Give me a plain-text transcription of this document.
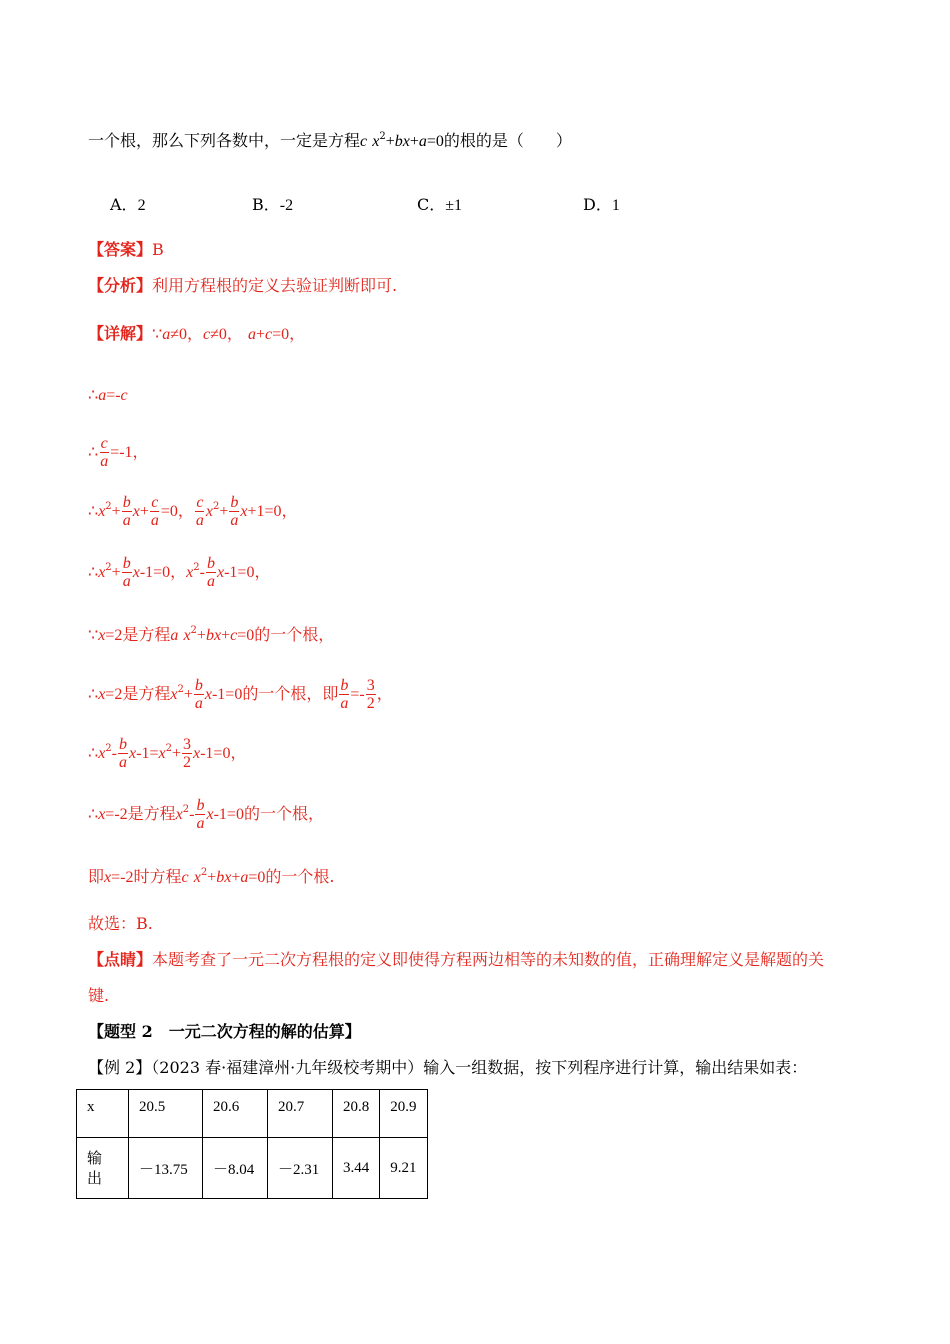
一个根，那么下列各数中，一定是方程c $x^2+bx+a=0$的根的是（　　）
A．2	B．-2	C．±1	D．1
【答案】B
【分析】利用方程根的定义去验证判断即可.
【详解】∵a≠0，c≠0， a+c=0，
∴a=-c
∴ $\frac{c}{a} =-1$，
$\therefore x^2+ \frac{b}{a} x+ \frac{c}{a} =0$， $\frac{c}{a} x^2+ \frac{b}{a} x+1=0$，
$\therefore x^2+ \frac{b}{a} x-1=0$，$x^2- \frac{b}{a} x-1=0$，
∵x=2是方程a $x^2+bx+c=0$的一个根，
∴x=2是方程$x^2+ \frac{b}{a} x-1=0$的一个根，即 $\frac{b}{a} =- \frac{3}{2}$ ，
$\therefore x^2- \frac{b}{a} x-1=x^2+ \frac{3}{2} x-1=0$，
∴x=-2是方程$x^2- \frac{b}{a} x-1=0$的一个根，
即x=-2时方程c $x^2+bx+a=0$的一个根.
故选：B.
【点睛】本题考查了一元二次方程根的定义即使得方程两边相等的未知数的值，正确理解定义是解题的关
键.
【题型 2　一元二次方程的解的估算】
【例 2】（2023 春·福建漳州·九年级校考期中）输入一组数据，按下列程序进行计算，输出结果如表：
x	20.5	20.6	20.7	20.8	20.9

输出	－13.75	－8.04	－2.31	3.44	9.21
